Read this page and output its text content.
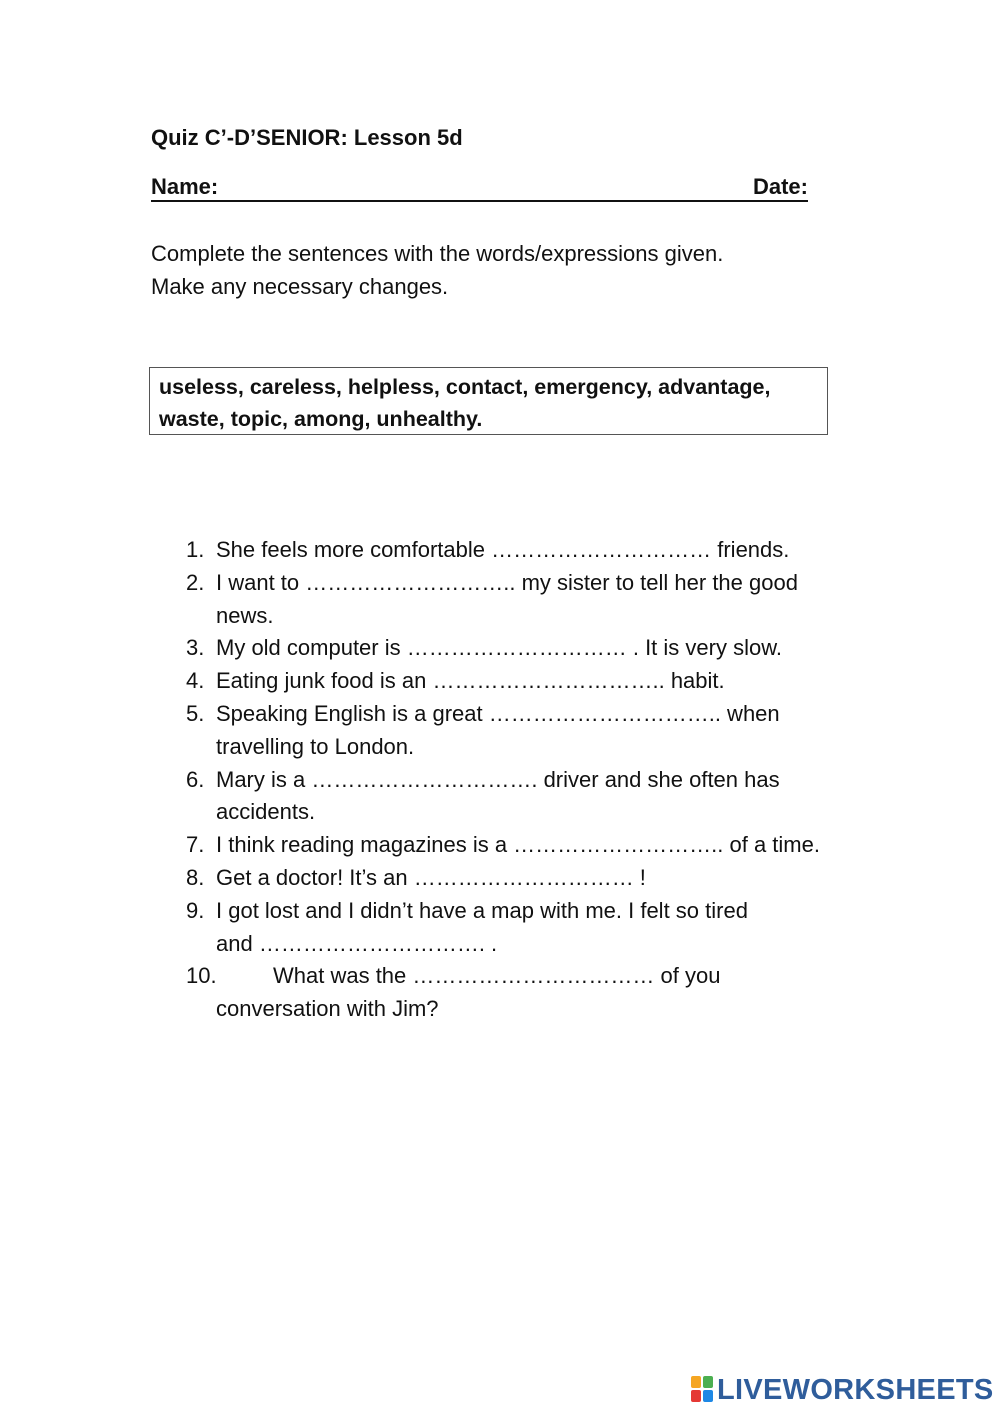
Quiz C’-D’SENIOR: Lesson 5d
Name:	Date:
Complete the sentences with the words/expressions given.
Make any necessary changes.
useless, careless, helpless, contact, emergency, advantage,
waste, topic, among, unhealthy.
1. She feels more comfortable ………………………… friends.
2. I want to ……………………….. my sister to tell her the good
news.
3. My old computer is ………………………… . It is very slow.
4. Eating junk food is an ………………………….. habit.
5. Speaking English is a great ………………………….. when
travelling to London.
6. Mary is a …………………………. driver and she often has
accidents.
7. I think reading magazines is a ……………………….. of a time.
8. Get a doctor! It’s an ………………………… !
9. I got lost and I didn’t have a map with me. I felt so tired
and …………………………. .
10.	What was the …………………………… of you
conversation with Jim?
LIVEWORKSHEETS
